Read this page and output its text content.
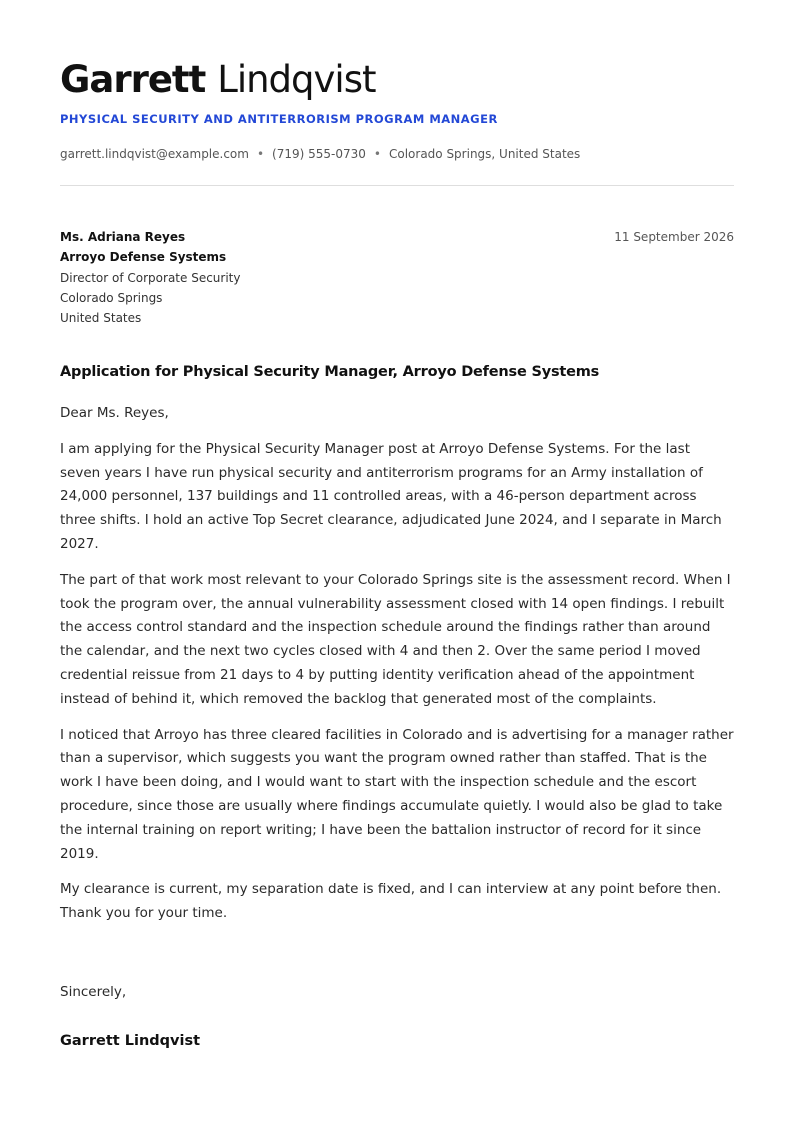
Garrett Lindqvist
PHYSICAL SECURITY AND ANTITERRORISM PROGRAM MANAGER
garrett.lindqvist@example.com • (719) 555-0730 • Colorado Springs, United States
Ms. Adriana Reyes
Arroyo Defense Systems
Director of Corporate Security
Colorado Springs
United States
11 September 2026
Application for Physical Security Manager, Arroyo Defense Systems

Dear Ms. Reyes,

I am applying for the Physical Security Manager post at Arroyo Defense Systems. For the last seven years I have run physical security and antiterrorism programs for an Army installation of 24,000 personnel, 137 buildings and 11 controlled areas, with a 46-person department across three shifts. I hold an active Top Secret clearance, adjudicated June 2024, and I separate in March 2027.

The part of that work most relevant to your Colorado Springs site is the assessment record. When I took the program over, the annual vulnerability assessment closed with 14 open findings. I rebuilt the access control standard and the inspection schedule around the findings rather than around the calendar, and the next two cycles closed with 4 and then 2. Over the same period I moved credential reissue from 21 days to 4 by putting identity verification ahead of the appointment instead of behind it, which removed the backlog that generated most of the complaints.

I noticed that Arroyo has three cleared facilities in Colorado and is advertising for a manager rather than a supervisor, which suggests you want the program owned rather than staffed. That is the work I have been doing, and I would want to start with the inspection schedule and the escort procedure, since those are usually where findings accumulate quietly. I would also be glad to take the internal training on report writing; I have been the battalion instructor of record for it since 2019.

My clearance is current, my separation date is fixed, and I can interview at any point before then. Thank you for your time.

Sincerely,
Garrett Lindqvist
